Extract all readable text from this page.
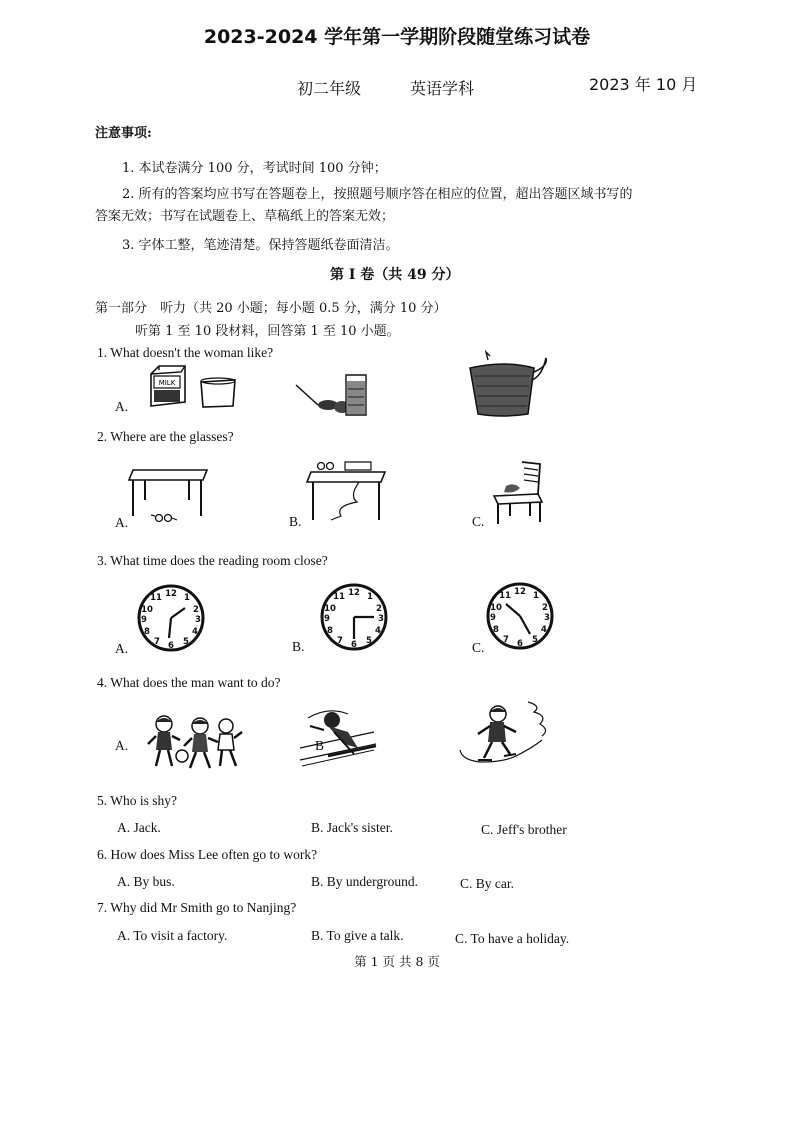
2023-2024 学年第一学期阶段随堂练习试卷
初二年级	英语学科	2023 年 10 月
注意事项:
1. 本试卷满分 100 分，考试时间 100 分钟；
2. 所有的答案均应书写在答题卷上，按照题号顺序答在相应的位置，超出答题区域书写的
答案无效；书写在试题卷上、草稿纸上的答案无效；
3. 字体工整，笔迹清楚。保持答题纸卷面清洁。
第 I 卷（共 49 分）
第一部分　听力（共 20 小题；每小题 0.5 分，满分 10 分）
听第 1 至 10 段材料，回答第 1 至 10 小题。
1. What doesn't the woman like?
A.
MILK
2. Where are the glasses?
A.	B.	C.
3. What time does the reading room close?
A.	B.	C.
12 1
2
3
4
5
6
7
8
9
10
11	12 1
2
3
4
5
6
7
8
9
10
11	12 1
2
3
4
5
6
7
8
9
10
11
4. What does the man want to do?
A.	B
5. Who is shy?
A. Jack.	B. Jack's sister.	C. Jeff's brother
6. How does Miss Lee often go to work?
A. By bus.	B. By underground.	C. By car.
7. Why did Mr Smith go to Nanjing?
A. To visit a factory.	B. To give a talk.	C. To have a holiday.
第 1 页 共 8 页
